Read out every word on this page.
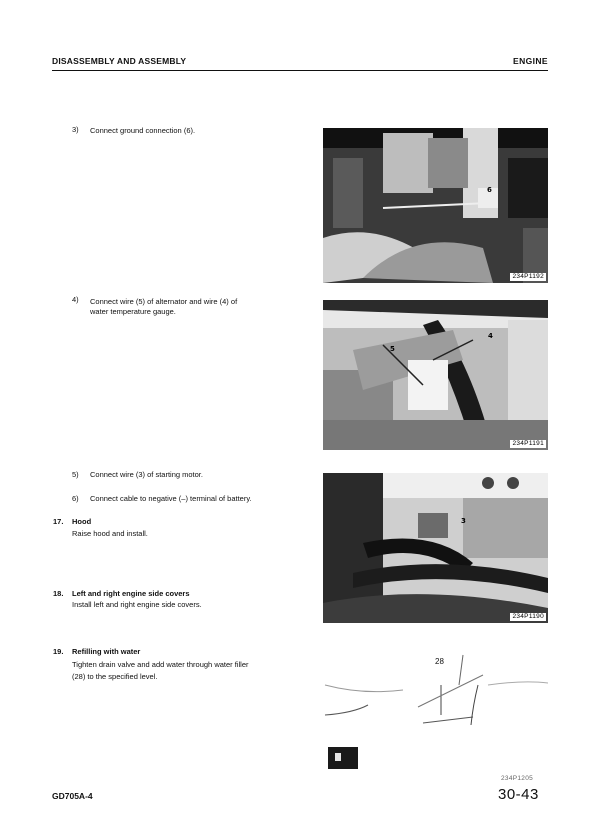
DISASSEMBLY AND ASSEMBLY	ENGINE
3) Connect ground connection (6).
4) Connect wire (5) of alternator and wire (4) of
water temperature gauge.
5) Connect wire (3) of starting motor.
6) Connect cable to negative (–) terminal of battery.
17. Hood
Raise hood and install.
18. Left and right engine side covers
Install left and right engine side covers.
19. Refilling with water
Tighten drain valve and add water through water filler
(28) to the specified level.
6
234P1192
4
5
234P1191
3
234P1190
28
234P1205
GD705A-4	30-43
